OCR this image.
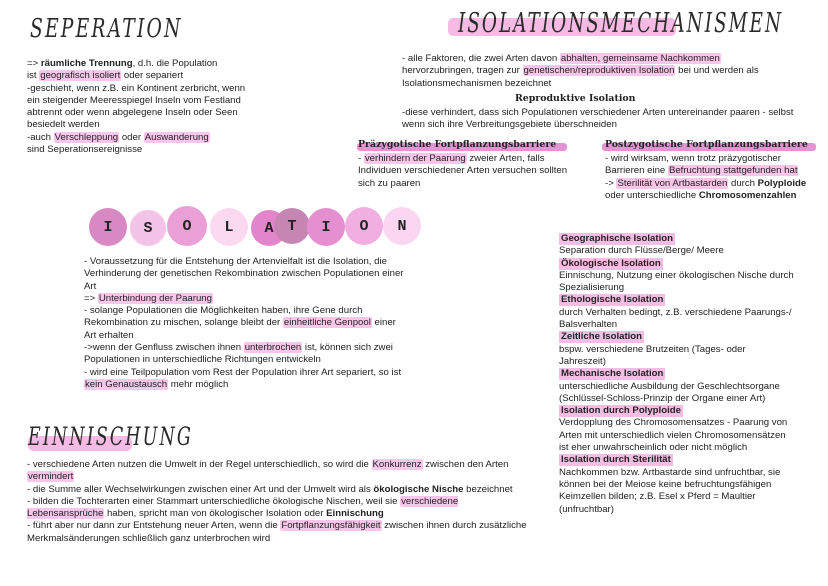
SEPERATION
=> räumliche Trennung, d.h. die Population
ist geografisch isoliert oder separiert
-geschieht, wenn z.B. ein Kontinent zerbricht, wenn ein steigender Meeresspiegel Inseln vom Festland abtrennt oder wenn abgelegene Inseln oder Seen besiedelt werden
-auch Verschleppung oder Auswanderung
sind Seperationsereignisse
ISOLATIONSMECHANISMEN
- alle Faktoren, die zwei Arten davon abhalten, gemeinsame Nachkommen
hervorzubringen, tragen zur genetischen/reproduktiven Isolation bei und werden als Isolationsmechanismen bezeichnet
Reproduktive Isolation
-diese verhindert, dass sich Populationen verschiedener Arten untereinander paaren - selbst wenn sich ihre Verbreitungsgebiete überschneiden
Präzygotische Fortpflanzungsbarriere
- verhindern der Paarung zweier Arten, falls Individuen verschiedener Arten versuchen sollten sich zu paaren
Postzygotische Fortpflanzungsbarriere
- wird wirksam, wenn trotz präzygotischer Barrieren eine Befruchtung stattgefunden hat
-> Sterilität von Artbastarden durch Polyploide
oder unterschiedliche Chromosomenzahlen
I S O L A T I O N
- Voraussetzung für die Entstehung der Artenvielfalt ist die Isolation, die Verhinderung der genetischen Rekombination zwischen Populationen einer Art
=> Unterbindung der Paarung
- solange Populationen die Möglichkeiten haben, ihre Gene durch Rekombination zu mischen, solange bleibt der einheitliche Genpool einer Art erhalten
->wenn der Genfluss zwischen ihnen unterbrochen ist, können sich zwei Populationen in unterschiedliche Richtungen entwickeln
- wird eine Teilpopulation vom Rest der Population ihrer Art separiert, so ist kein Genaustausch mehr möglich
EINNISCHUNG
- verschiedene Arten nutzen die Umwelt in der Regel unterschiedlich, so wird die Konkurrenz zwischen den Arten vermindert
- die Summe aller Wechselwirkungen zwischen einer Art und der Umwelt wird als ökologische Nische bezeichnet
- bilden die Tochterarten einer Stammart unterschiedliche ökologische Nischen, weil sie verschiedene Lebensansprüche haben, spricht man von ökologischer Isolation oder Einnischung
- führt aber nur dann zur Entstehung neuer Arten, wenn die Fortpflanzungsfähigkeit zwischen ihnen durch zusätzliche Merkmalsänderungen schließlich ganz unterbrochen wird
Geographische Isolation

Separation durch Flüsse/Berge/ Meere

Ökologische Isolation

Einnischung, Nutzung einer ökologischen Nische durch Spezialisierung

Ethologische Isolation

durch Verhalten bedingt, z.B. verschiedene Paarungs-/ Balsverhalten

Zeitliche Isolation

bspw. verschiedene Brutzeiten (Tages- oder Jahreszeit)

Mechanische Isolation

unterschiedliche Ausbildung der Geschlechtsorgane (Schlüssel-Schloss-Prinzip der Organe einer Art)

Isolation durch Polyploide

Verdopplung des Chromosomensatzes - Paarung von Arten mit unterschiedlich vielen Chromosomensätzen ist eher unwahrscheinlich oder nicht möglich

Isolation durch Sterilität

Nachkommen bzw. Artbastarde sind unfruchtbar, sie können bei der Meiose keine befruchtungsfähigen Keimzellen bilden; z.B. Esel x Pferd = Maultier (unfruchtbar)
